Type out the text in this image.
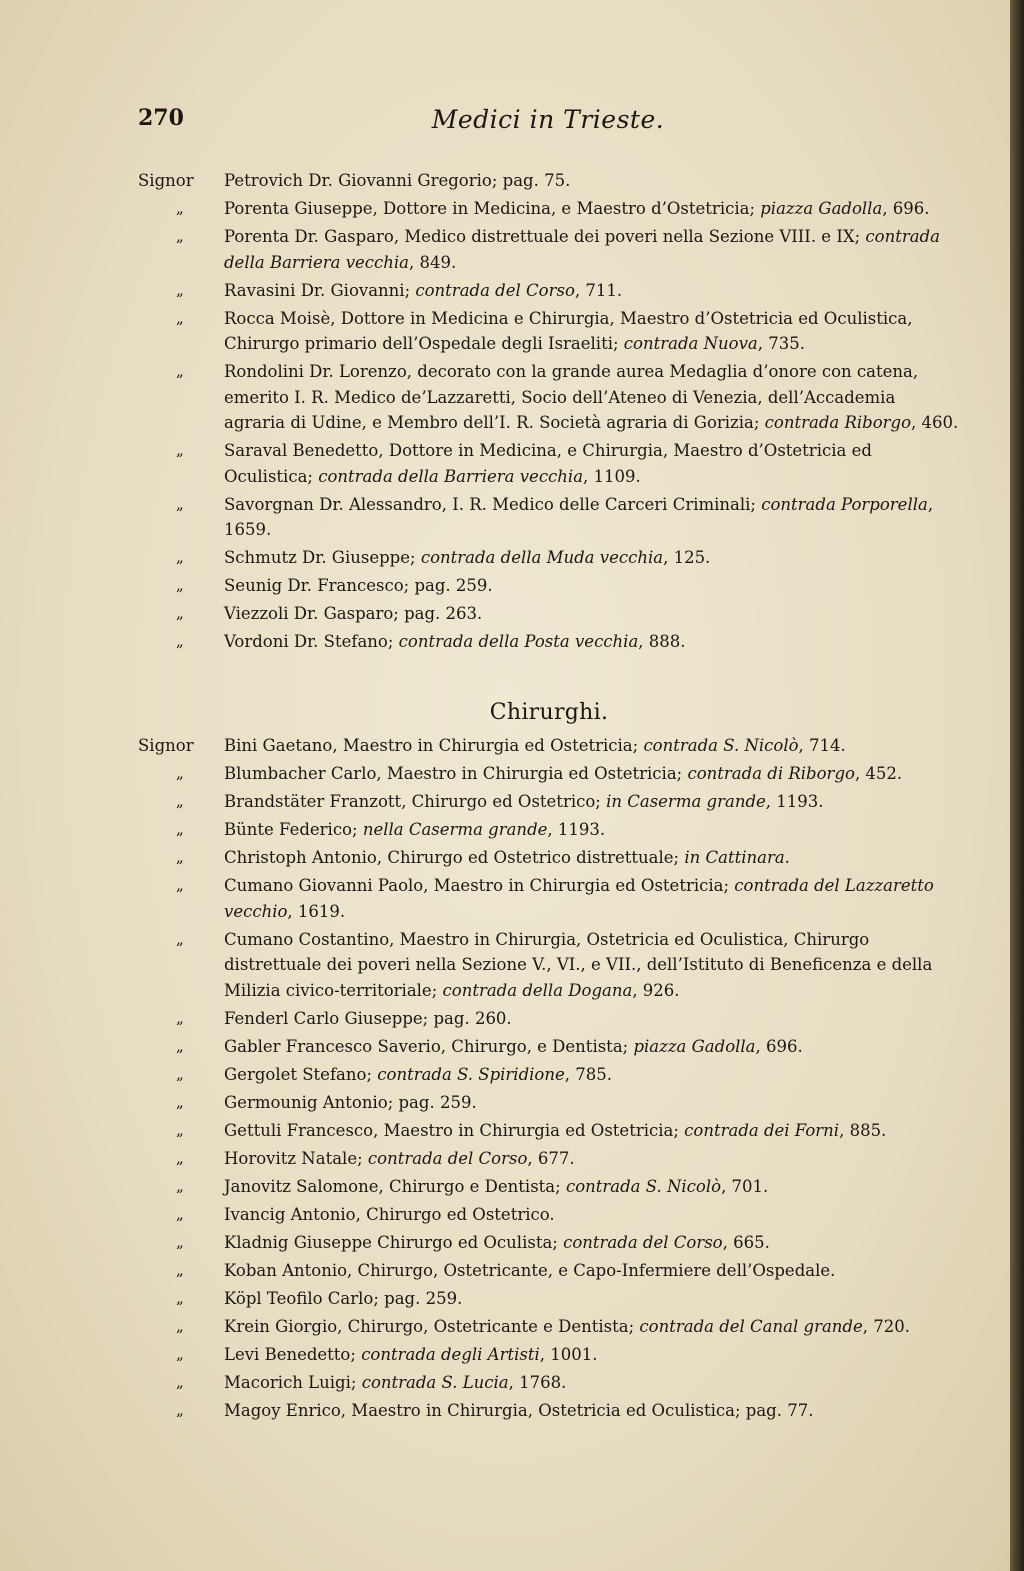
270	Medici in Trieste.
Signor	Petrovich Dr. Giovanni Gregorio; pag. 75.
„	Porenta Giuseppe, Dottore in Medicina, e Maestro d’Ostetricia; piazza Gadolla, 696.
„	Porenta Dr. Gasparo, Medico distrettuale dei poveri nella Sezione VIII. e IX; contrada della Barriera vecchia, 849.
„	Ravasini Dr. Giovanni; contrada del Corso, 711.
„	Rocca Moisè, Dottore in Medicina e Chirurgia, Maestro d’Ostetricia ed Oculistica, Chirurgo primario dell’Ospedale degli Israeliti; contrada Nuova, 735.
„	Rondolini Dr. Lorenzo, decorato con la grande aurea Medaglia d’onore con catena, emerito I. R. Medico de’Lazzaretti, Socio dell’Ateneo di Venezia, dell’Accademia agraria di Udine, e Membro dell’I. R. Società agraria di Gorizia; contrada Riborgo, 460.
„	Saraval Benedetto, Dottore in Medicina, e Chirurgia, Maestro d’Ostetricia ed Oculistica; contrada della Barriera vecchia, 1109.
„	Savorgnan Dr. Alessandro, I. R. Medico delle Carceri Criminali; contrada Porporella, 1659.
„	Schmutz Dr. Giuseppe; contrada della Muda vecchia, 125.
„	Seunig Dr. Francesco; pag. 259.
„	Viezzoli Dr. Gasparo; pag. 263.
„	Vordoni Dr. Stefano; contrada della Posta vecchia, 888.
Chirurghi.
Signor	Bini Gaetano, Maestro in Chirurgia ed Ostetricia; contrada S. Nicolò, 714.
„	Blumbacher Carlo, Maestro in Chirurgia ed Ostetricia; contrada di Riborgo, 452.
„	Brandstäter Franzott, Chirurgo ed Ostetrico; in Caserma grande, 1193.
„	Bünte Federico; nella Caserma grande, 1193.
„	Christoph Antonio, Chirurgo ed Ostetrico distrettuale; in Cattinara.
„	Cumano Giovanni Paolo, Maestro in Chirurgia ed Ostetricia; contrada del Lazzaretto vecchio, 1619.
„	Cumano Costantino, Maestro in Chirurgia, Ostetricia ed Oculistica, Chirurgo distrettuale dei poveri nella Sezione V., VI., e VII., dell’Istituto di Beneficenza e della Milizia civico-territoriale; contrada della Dogana, 926.
„	Fenderl Carlo Giuseppe; pag. 260.
„	Gabler Francesco Saverio, Chirurgo, e Dentista; piazza Gadolla, 696.
„	Gergolet Stefano; contrada S. Spiridione, 785.
„	Germounig Antonio; pag. 259.
„	Gettuli Francesco, Maestro in Chirurgia ed Ostetricia; contrada dei Forni, 885.
„	Horovitz Natale; contrada del Corso, 677.
„	Janovitz Salomone, Chirurgo e Dentista; contrada S. Nicolò, 701.
„	Ivancig Antonio, Chirurgo ed Ostetrico.
„	Kladnig Giuseppe Chirurgo ed Oculista; contrada del Corso, 665.
„	Koban Antonio, Chirurgo, Ostetricante, e Capo-Infermiere dell’Ospedale.
„	Köpl Teofilo Carlo; pag. 259.
„	Krein Giorgio, Chirurgo, Ostetricante e Dentista; contrada del Canal grande, 720.
„	Levi Benedetto; contrada degli Artisti, 1001.
„	Macorich Luigi; contrada S. Lucia, 1768.
„	Magoy Enrico, Maestro in Chirurgia, Ostetricia ed Oculistica; pag. 77.
